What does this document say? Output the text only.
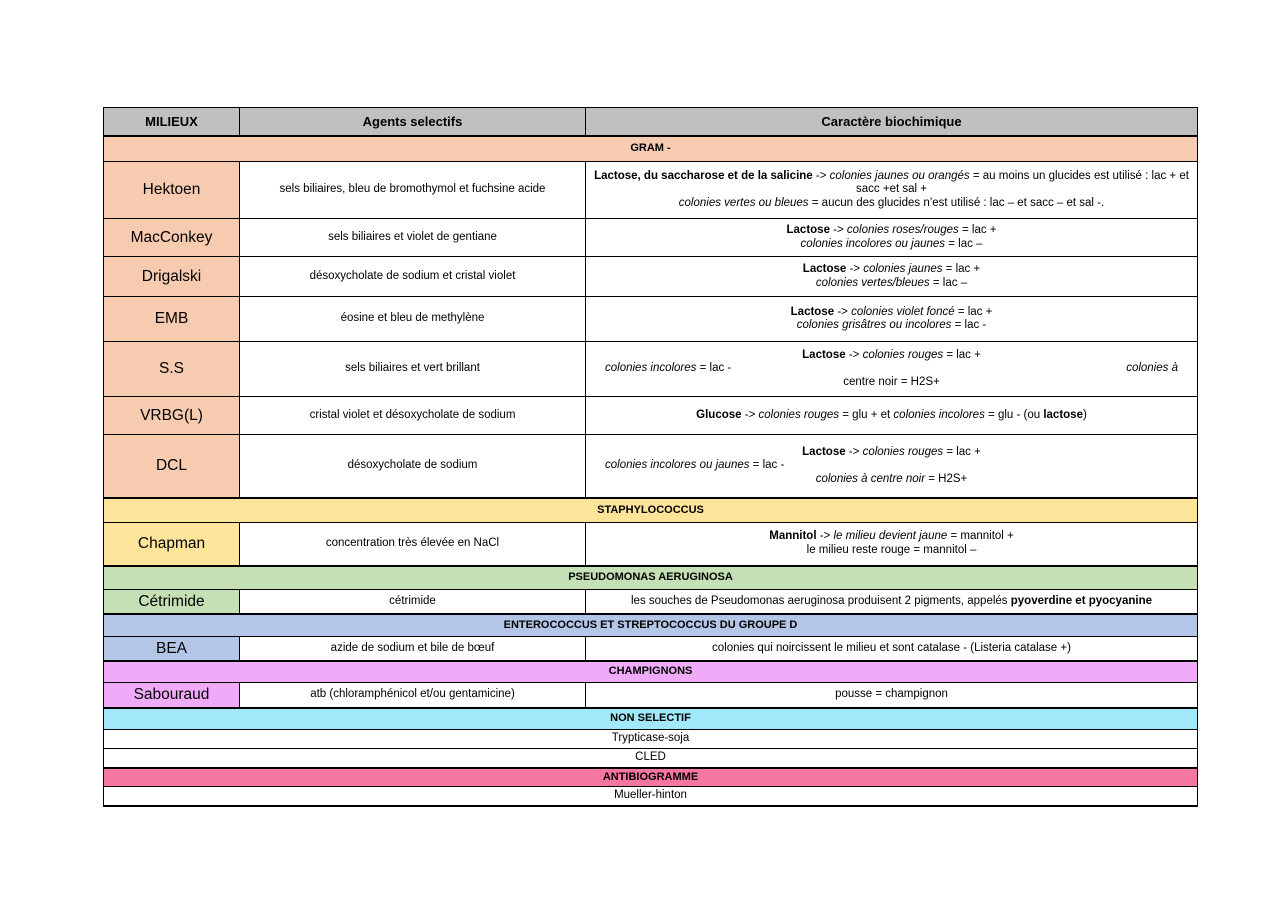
MILIEUX	Agents selectifs	Caractère biochimique
GRAM -		
Hektoen	sels biliaires, bleu de bromothymol et fuchsine acide	Lactose, du saccharose et de la salicine -> colonies jaunes ou orangés = au moins un glucides est utilisé : lac + et sacc +et sal +
colonies vertes ou bleues = aucun des glucides n’est utilisé : lac – et sacc – et sal -.
MacConkey	sels biliaires et violet de gentiane	Lactose -> colonies roses/rouges = lac +
colonies incolores ou jaunes = lac –
Drigalski	désoxycholate de sodium et cristal violet	Lactose -> colonies jaunes = lac +
colonies vertes/bleues = lac –
EMB	éosine et bleu de methylène	Lactose -> colonies violet foncé = lac +
colonies grisâtres ou incolores = lac -
S.S	sels biliaires et vert brillant	Lactose -> colonies rouges = lac +
colonies incolores = lac - colonies à
centre noir = H2S+

VRBG(L)	cristal violet et désoxycholate de sodium	Glucose -> colonies rouges = glu + et colonies incolores = glu - (ou lactose)
DCL	désoxycholate de sodium	Lactose -> colonies rouges = lac +
colonies incolores ou jaunes = lac -
colonies à centre noir = H2S+

STAPHYLOCOCCUS		
Chapman	concentration très élevée en NaCl	Mannitol -> le milieu devient jaune = mannitol +
le milieu reste rouge = mannitol –
PSEUDOMONAS AERUGINOSA		
Cétrimide	cétrimide	les souches de Pseudomonas aeruginosa produisent 2 pigments, appelés pyoverdine et pyocyanine
ENTEROCOCCUS ET STREPTOCOCCUS DU GROUPE D		
BEA	azide de sodium et bile de bœuf	colonies qui noircissent le milieu et sont catalase - (Listeria catalase +)
CHAMPIGNONS		
Sabouraud	atb (chloramphénicol et/ou gentamicine)	pousse = champignon
NON SELECTIF		
Trypticase-soja		
CLED		
ANTIBIOGRAMME		
Mueller-hinton		
